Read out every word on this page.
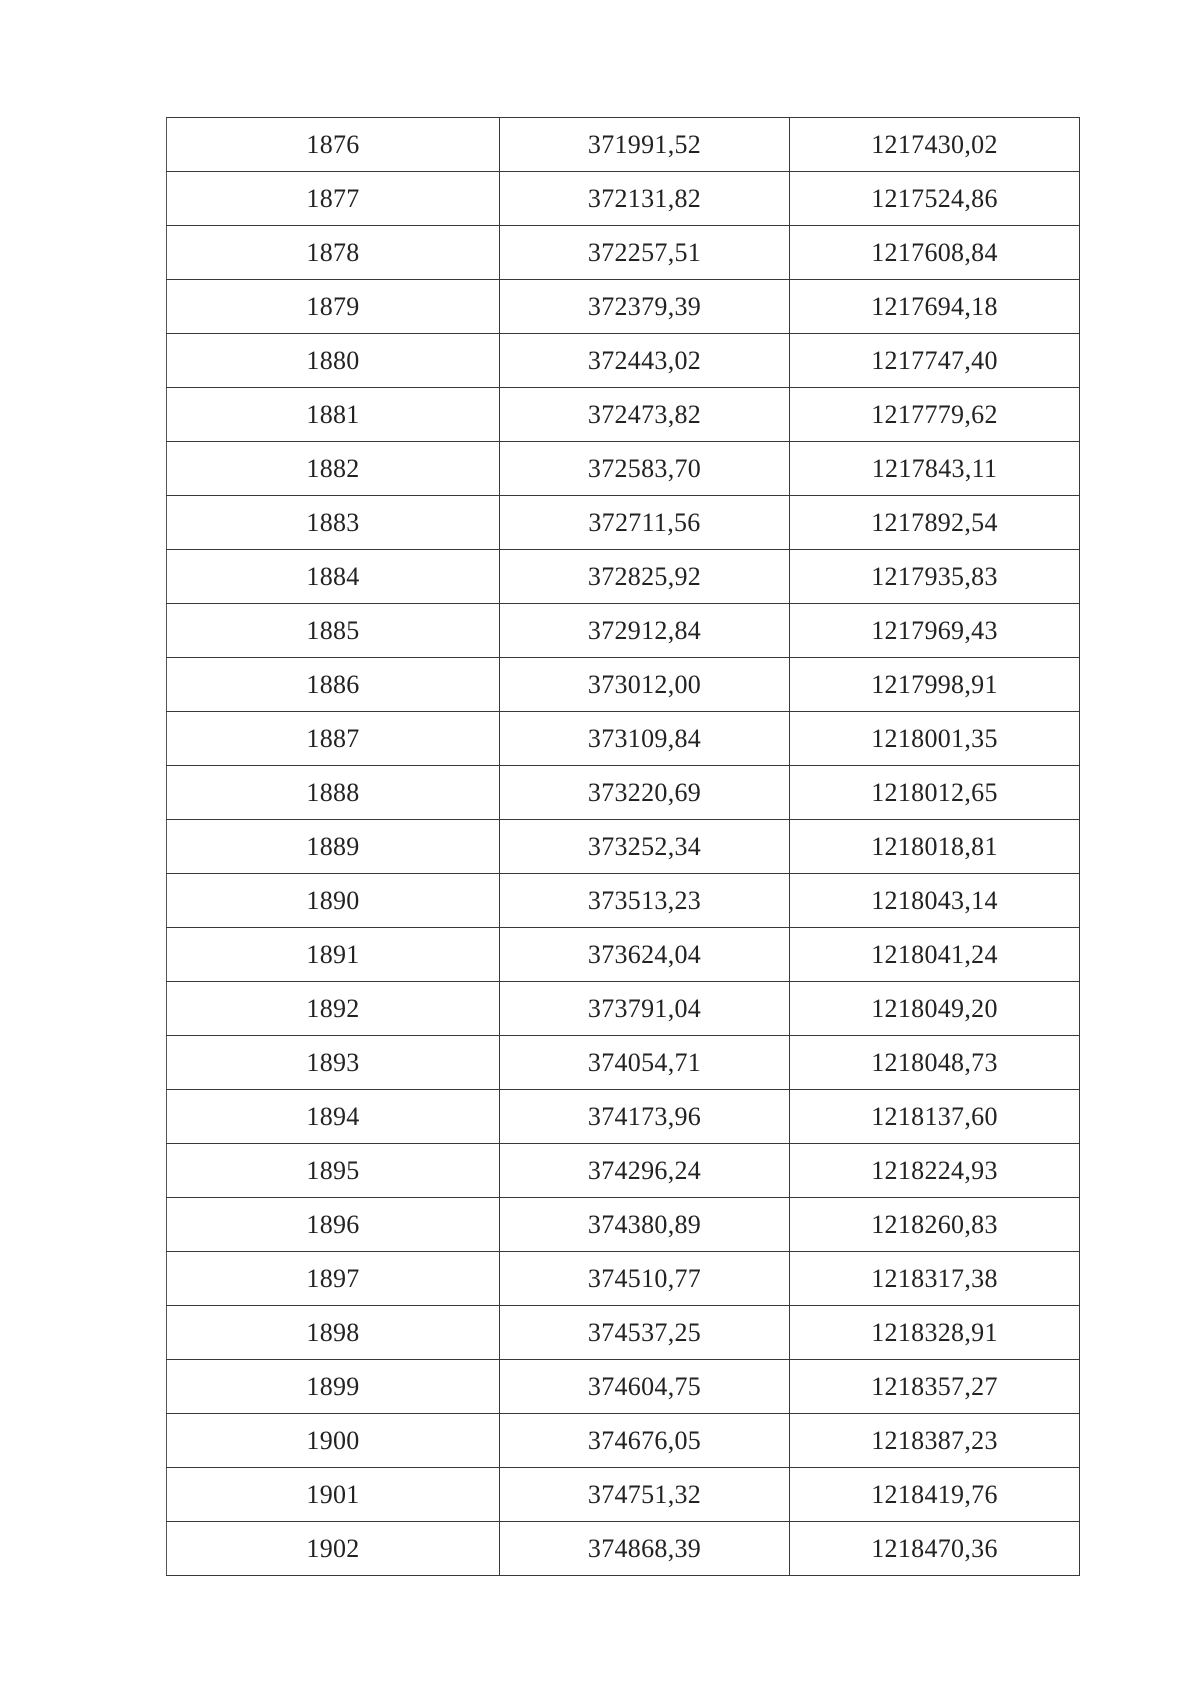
1876	371991,52	1217430,02
1877	372131,82	1217524,86
1878	372257,51	1217608,84
1879	372379,39	1217694,18
1880	372443,02	1217747,40
1881	372473,82	1217779,62
1882	372583,70	1217843,11
1883	372711,56	1217892,54
1884	372825,92	1217935,83
1885	372912,84	1217969,43
1886	373012,00	1217998,91
1887	373109,84	1218001,35
1888	373220,69	1218012,65
1889	373252,34	1218018,81
1890	373513,23	1218043,14
1891	373624,04	1218041,24
1892	373791,04	1218049,20
1893	374054,71	1218048,73
1894	374173,96	1218137,60
1895	374296,24	1218224,93
1896	374380,89	1218260,83
1897	374510,77	1218317,38
1898	374537,25	1218328,91
1899	374604,75	1218357,27
1900	374676,05	1218387,23
1901	374751,32	1218419,76
1902	374868,39	1218470,36
